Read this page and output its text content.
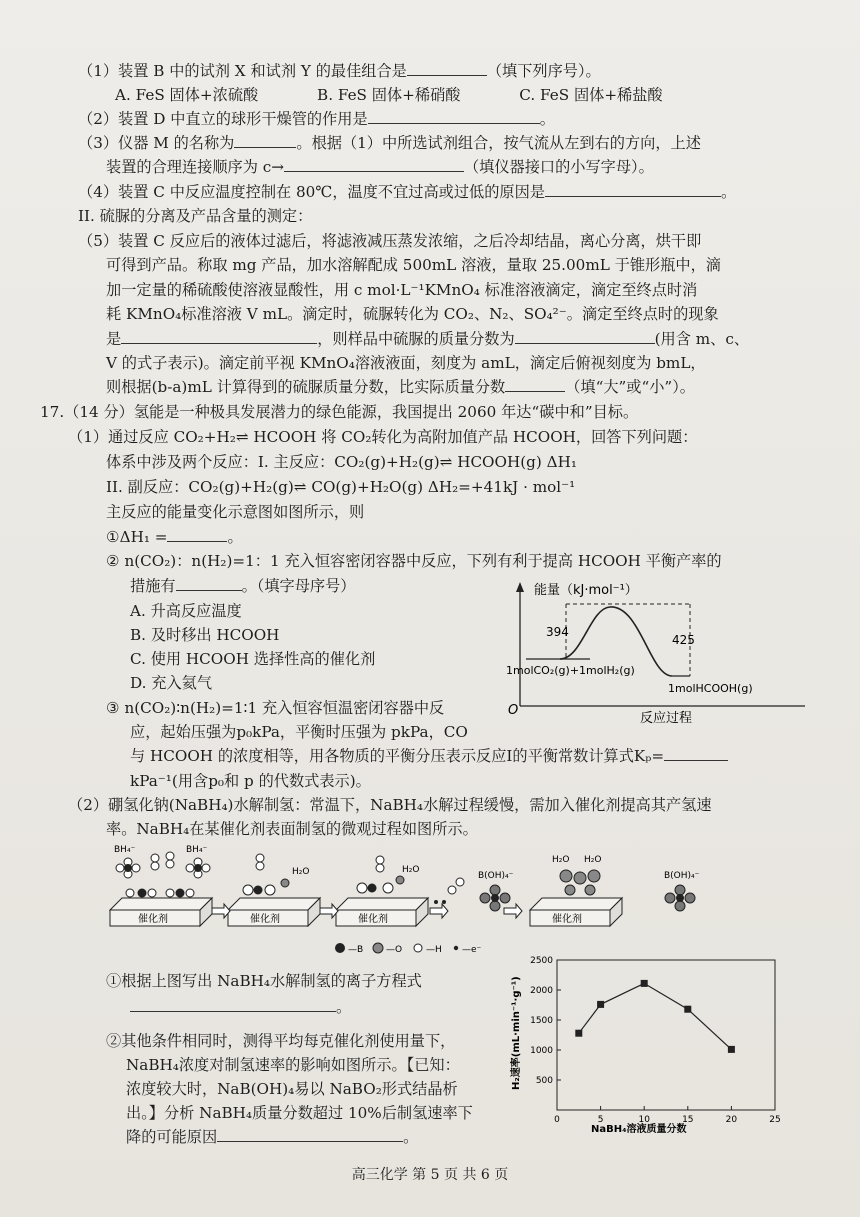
（1）装置 B 中的试剂 X 和试剂 Y 的最佳组合是	（填下列序号）。
A. FeS 固体+浓硫酸	B. FeS 固体+稀硝酸	C. FeS 固体+稀盐酸
（2）装置 D 中直立的球形干燥管的作用是	。
（3）仪器 M 的名称为	。根据（1）中所选试剂组合，按气流从左到右的方向，上述
装置的合理连接顺序为 c→	（填仪器接口的小写字母）。
（4）装置 C 中反应温度控制在 80℃，温度不宜过高或过低的原因是	。
II. 硫脲的分离及产品含量的测定：
（5）装置 C 反应后的液体过滤后，将滤液减压蒸发浓缩，之后冷却结晶，离心分离，烘干即
可得到产品。称取 mg 产品，加水溶解配成 500mL 溶液，量取 25.00mL 于锥形瓶中，滴
加一定量的稀硫酸使溶液显酸性，用 c mol·L⁻¹KMnO₄ 标准溶液滴定，滴定至终点时消
耗 KMnO₄标准溶液 V mL。滴定时，硫脲转化为 CO₂、N₂、SO₄²⁻。滴定至终点时的现象
是	，则样品中硫脲的质量分数为	(用含 m、c、
V 的式子表示)。滴定前平视 KMnO₄溶液液面，刻度为 amL，滴定后俯视刻度为 bmL，
则根据(b-a)mL 计算得到的硫脲质量分数，比实际质量分数	（填“大”或“小”）。
17.（14 分）氢能是一种极具发展潜力的绿色能源，我国提出 2060 年达“碳中和”目标。
（1）通过反应 CO₂+H₂⇌ HCOOH 将 CO₂转化为高附加值产品 HCOOH，回答下列问题：
体系中涉及两个反应：I. 主反应：CO₂(g)+H₂(g)⇌ HCOOH(g) ΔH₁
II. 副反应：CO₂(g)+H₂(g)⇌ CO(g)+H₂O(g) ΔH₂=+41kJ · mol⁻¹
主反应的能量变化示意图如图所示，则
①ΔH₁ =	。
② n(CO₂)：n(H₂)=1：1 充入恒容密闭容器中反应，下列有利于提高 HCOOH 平衡产率的
措施有	。（填字母序号）
A. 升高反应温度
B. 及时移出 HCOOH
C. 使用 HCOOH 选择性高的催化剂
D. 充入氦气
③ n(CO₂)∶n(H₂)=1∶1 充入恒容恒温密闭容器中反
应，起始压强为p₀kPa，平衡时压强为 pkPa，CO
与 HCOOH 的浓度相等，用各物质的平衡分压表示反应I的平衡常数计算式Kₚ=
kPa⁻¹(用含p₀和 p 的代数式表示)。
能量（kJ·mol⁻¹）
O
反应过程
394
425
1molCO₂(g)+1molH₂(g)
1molHCOOH(g)
（2）硼氢化钠(NaBH₄)水解制氢：常温下，NaBH₄水解过程缓慢，需加入催化剂提高其产氢速
率。NaBH₄在某催化剂表面制氢的微观过程如图所示。
催化剂	催化剂	催化剂	催化剂
BH₄⁻	BH₄⁻
H₂O	H₂O
H₂O H₂O
B(OH)₄⁻	B(OH)₄⁻
—B	—O	—H —e⁻
①根据上图写出 NaBH₄水解制氢的离子方程式
。
②其他条件相同时，测得平均每克催化剂使用量下，
NaBH₄浓度对制氢速率的影响如图所示。【已知：
浓度较大时，NaB(OH)₄易以 NaBO₂形式结晶析
出。】分析 NaBH₄质量分数超过 10%后制氢速率下
降的可能原因	。
0	5	10	15	20	25
500
1000
1500
2000
2500
H₂速率(mL·min⁻¹·g⁻¹)
NaBH₄溶液质量分数
高三化学 第 5 页 共 6 页
